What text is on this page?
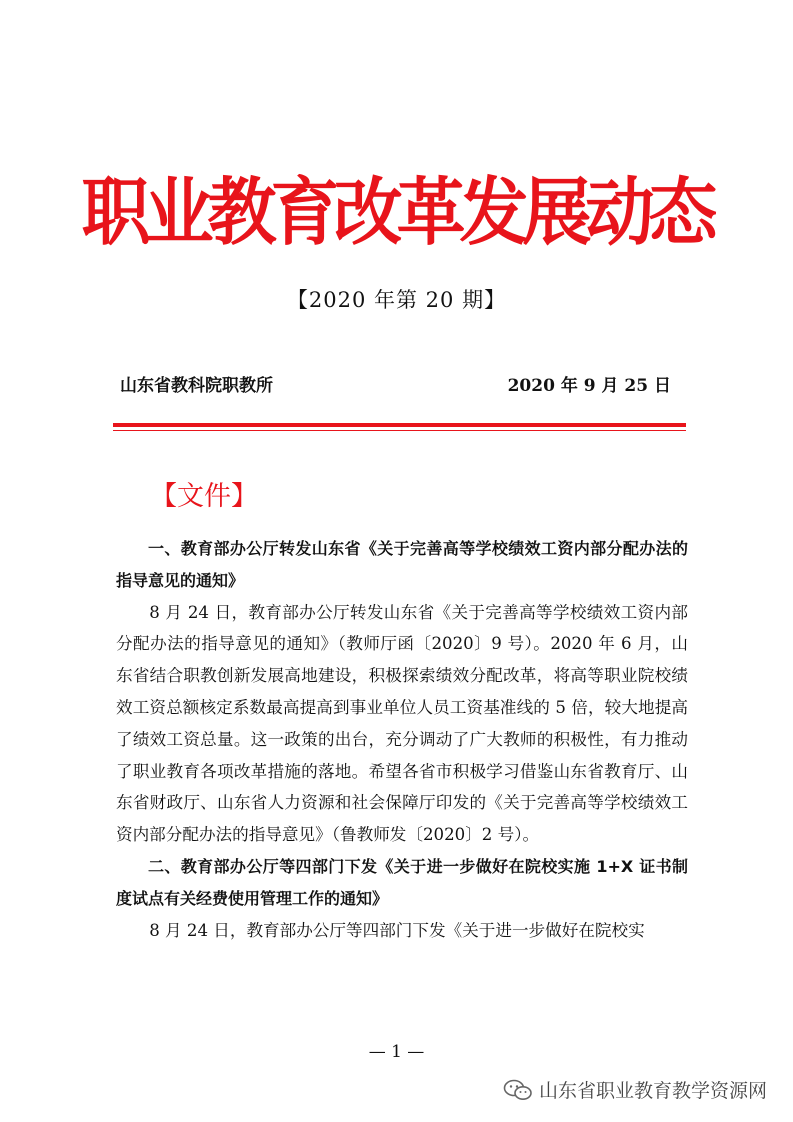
职业教育改革发展动态
【2020 年第 20 期】
山东省教科院职教所	2020 年 9 月 25 日
【文件】

一、教育部办公厅转发山东省《关于完善高等学校绩效工资内部分配办法的指导意见的通知》

8 月 24 日，教育部办公厅转发山东省《关于完善高等学校绩效工资内部分配办法的指导意见的通知》（教师厅函〔2020〕9 号）。2020 年 6 月，山东省结合职教创新发展高地建设，积极探索绩效分配改革，将高等职业院校绩效工资总额核定系数最高提高到事业单位人员工资基准线的 5 倍，较大地提高了绩效工资总量。这一政策的出台，充分调动了广大教师的积极性，有力推动了职业教育各项改革措施的落地。希望各省市积极学习借鉴山东省教育厅、山东省财政厅、山东省人力资源和社会保障厅印发的《关于完善高等学校绩效工资内部分配办法的指导意见》（鲁教师发〔2020〕2 号）。

二、教育部办公厅等四部门下发《关于进一步做好在院校实施 1+X 证书制度试点有关经费使用管理工作的通知》

8 月 24 日，教育部办公厅等四部门下发《关于进一步做好在院校实

— 1 —
山东省职业教育教学资源网
